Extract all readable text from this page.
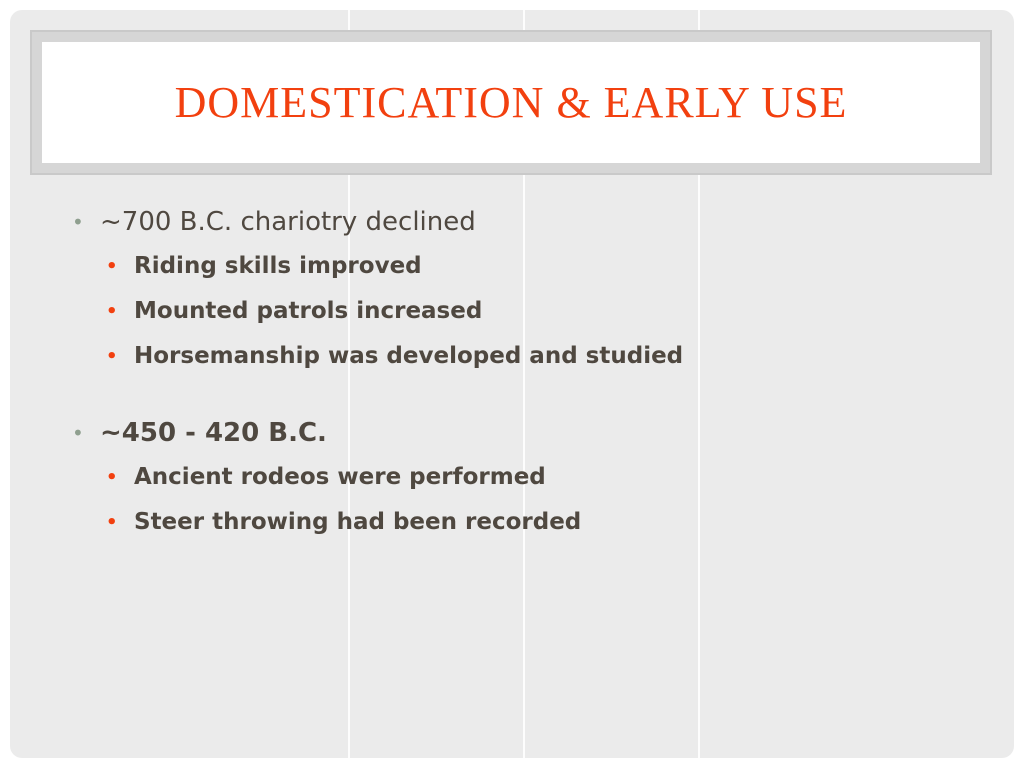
DOMESTICATION & EARLY USE
• ~700 B.C. chariotry declined
• Riding skills improved
• Mounted patrols increased
• Horsemanship was developed and studied
• ~450 - 420 B.C.
• Ancient rodeos were performed
• Steer throwing had been recorded
